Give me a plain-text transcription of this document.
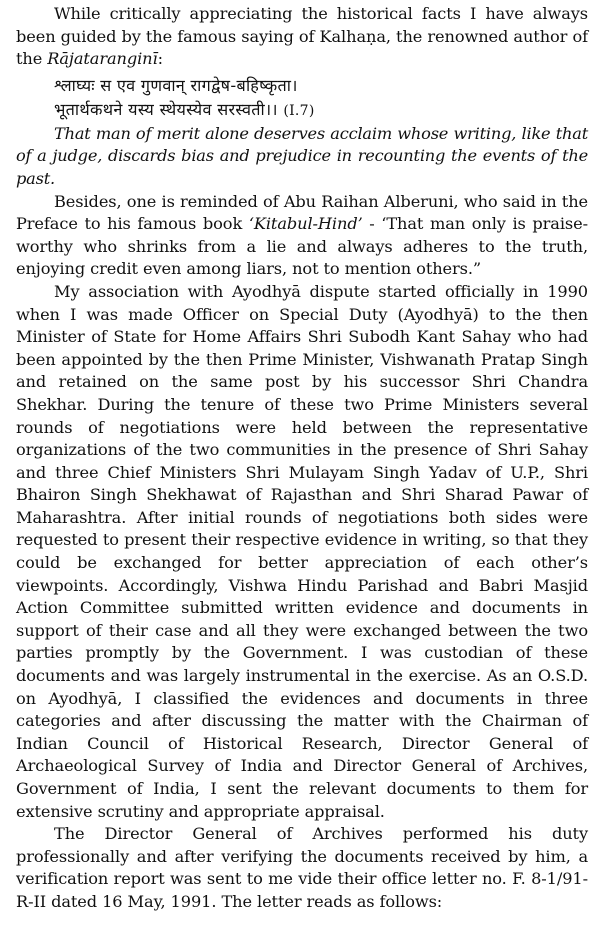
While critically appreciating the historical facts I have always been guided by the famous saying of Kalhaṇa, the renowned author of the Rājataranginī:

श्लाघ्यः स एव गुणवान् रागद्वेष-बहिष्कृता।
भूतार्थकथने यस्य स्थेयस्येव सरस्वती।। (I.7)

That man of merit alone deserves acclaim whose writing, like that of a judge, discards bias and prejudice in recounting the events of the past.

Besides, one is reminded of Abu Raihan Alberuni, who said in the Preface to his famous book ‘Kitabul-Hind’ - ‘That man only is praise-worthy who shrinks from a lie and always adheres to the truth, enjoying credit even among liars, not to mention others.”

My association with Ayodhyā dispute started officially in 1990 when I was made Officer on Special Duty (Ayodhyā) to the then Minister of State for Home Affairs Shri Subodh Kant Sahay who had been appointed by the then Prime Minister, Vishwanath Pratap Singh and retained on the same post by his successor Shri Chandra Shekhar. During the tenure of these two Prime Ministers several rounds of negotiations were held between the representative organizations of the two communities in the presence of Shri Sahay and three Chief Ministers Shri Mulayam Singh Yadav of U.P., Shri Bhairon Singh Shekhawat of Rajasthan and Shri Sharad Pawar of Maharashtra. After initial rounds of negotiations both sides were requested to present their respective evidence in writing, so that they could be exchanged for better appreciation of each other’s viewpoints. Accordingly, Vishwa Hindu Parishad and Babri Masjid Action Committee submitted written evidence and documents in support of their case and all they were exchanged between the two parties promptly by the Government. I was custodian of these documents and was largely instrumental in the exercise. As an O.S.D. on Ayodhyā, I classified the evidences and documents in three categories and after discussing the matter with the Chairman of Indian Council of Historical Research, Director General of Archaeological Survey of India and Director General of Archives, Government of India, I sent the relevant documents to them for extensive scrutiny and appropriate appraisal.

The Director General of Archives performed his duty professionally and after verifying the documents received by him, a verification report was sent to me vide their office letter no. F. 8-1/91-R-II dated 16 May, 1991. The letter reads as follows:
